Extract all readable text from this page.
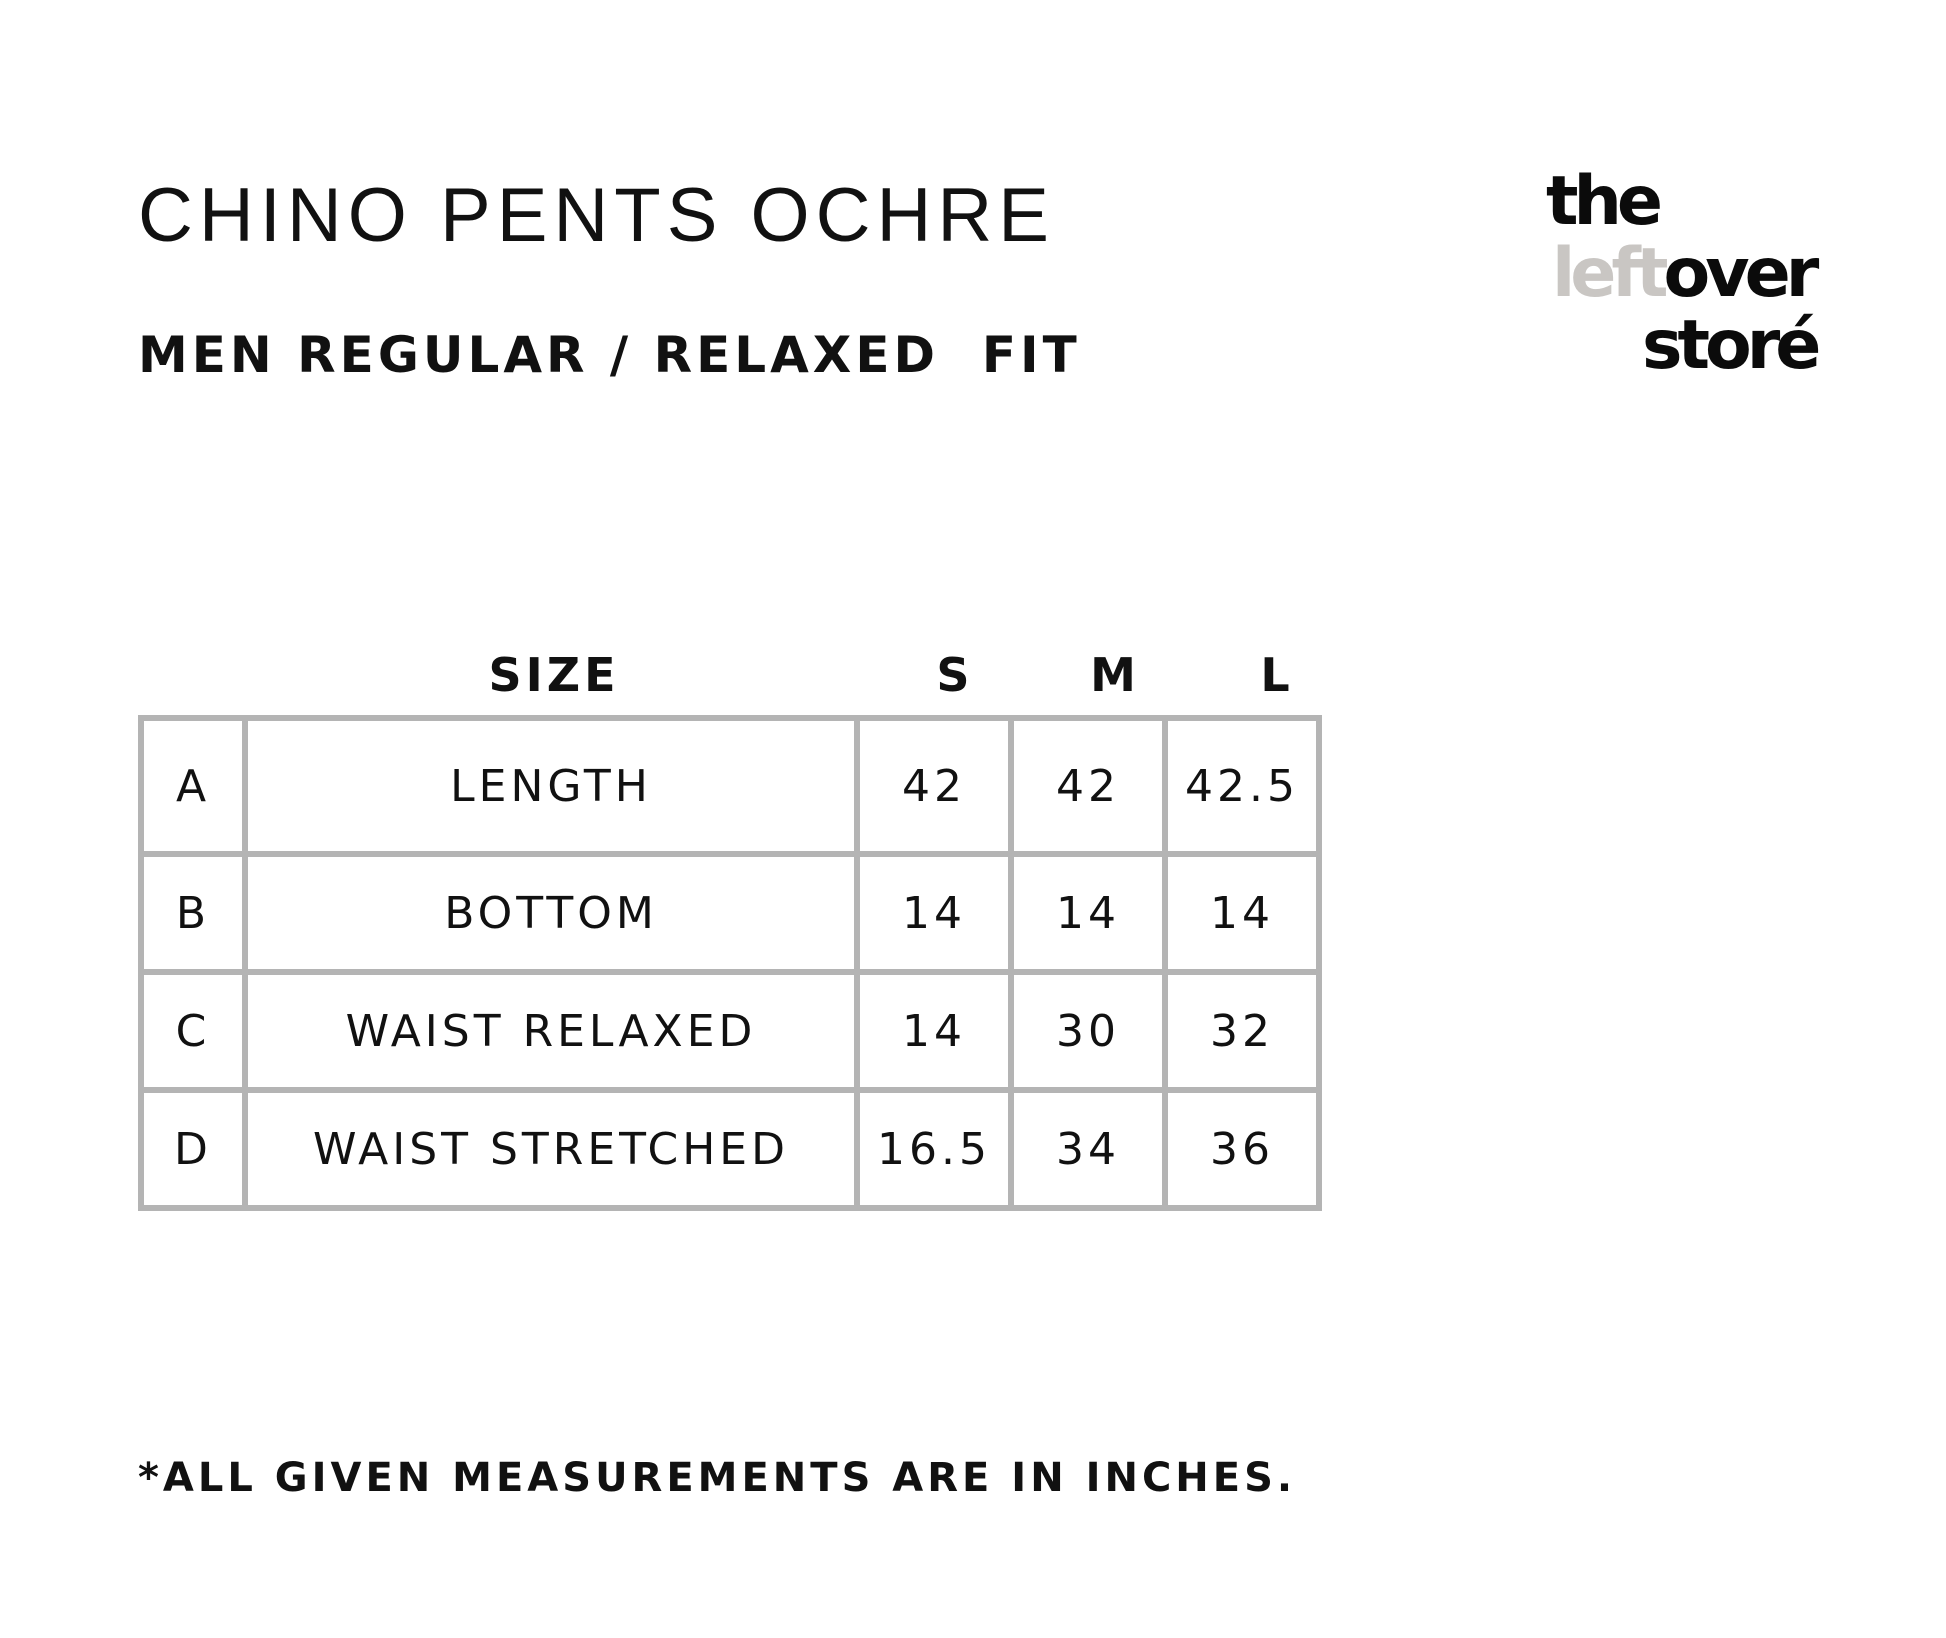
CHINO PENTS OCHRE
MEN REGULAR / RELAXED  FIT
the
leftover
storé
SIZE	S	M	L
A	LENGTH	42	42	42.5
B	BOTTOM	14	14	14
C	WAIST RELAXED	14	30	32
D	WAIST STRETCHED	16.5	34	36
*ALL GIVEN MEASUREMENTS ARE IN INCHES.
